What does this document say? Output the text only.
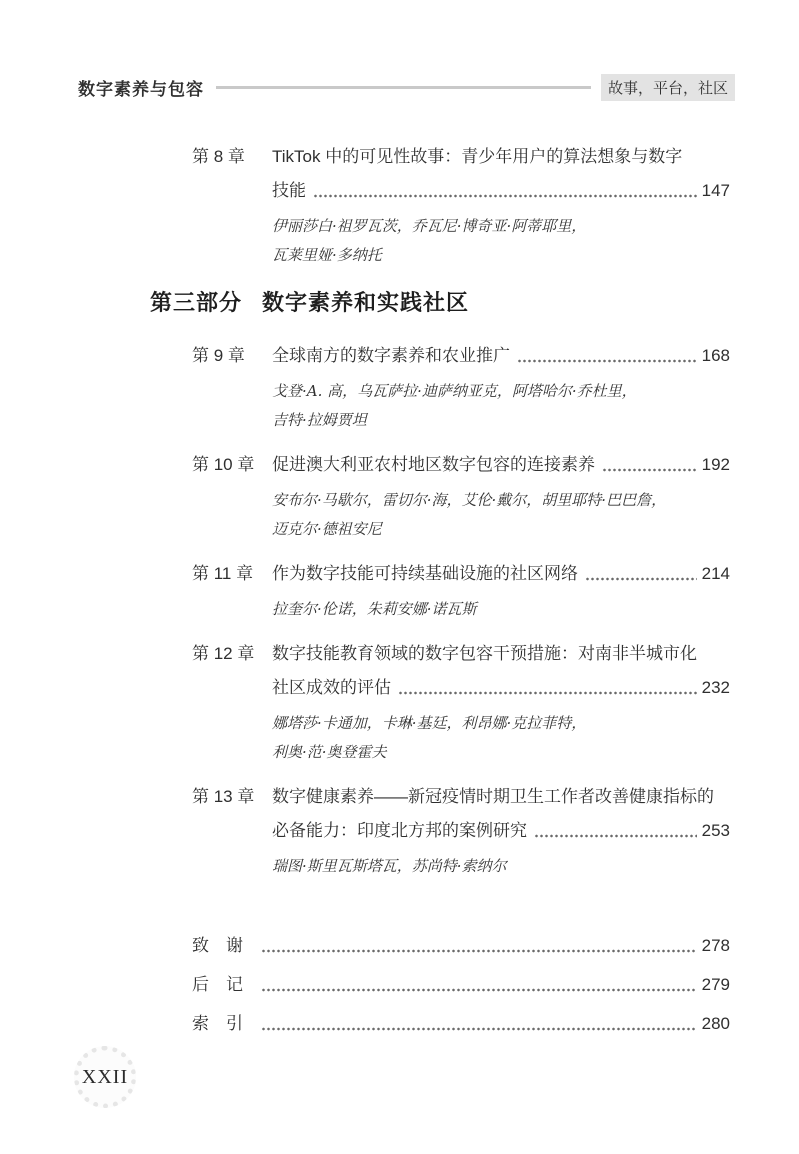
数字素养与包容	故事，平台，社区
第 8 章	TikTok 中的可见性故事：青少年用户的算法想象与数字
技能	147
伊丽莎白·祖罗瓦茨，乔瓦尼·博奇亚·阿蒂耶里，
瓦莱里娅·多纳托
第三部分 数字素养和实践社区
第 9 章	全球南方的数字素养和农业推广	168
戈登·A. 高，乌瓦萨拉·迪萨纳亚克，阿塔哈尔·乔杜里，
吉特·拉姆贾坦
第 10 章	促进澳大利亚农村地区数字包容的连接素养	192
安布尔·马歇尔，雷切尔·海，艾伦·戴尔，胡里耶特·巴巴詹，
迈克尔·德祖安尼
第 11 章	作为数字技能可持续基础设施的社区网络	214
拉奎尔·伦诺，朱莉安娜·诺瓦斯
第 12 章	数字技能教育领域的数字包容干预措施：对南非半城市化
社区成效的评估	232
娜塔莎·卡通加，卡琳·基廷，利昂娜·克拉菲特，
利奥·范·奥登霍夫
第 13 章	数字健康素养——新冠疫情时期卫生工作者改善健康指标的
必备能力：印度北方邦的案例研究	253
瑞图·斯里瓦斯塔瓦，苏尚特·索纳尔
致　谢	278
后　记	279
索　引	280
XXII
